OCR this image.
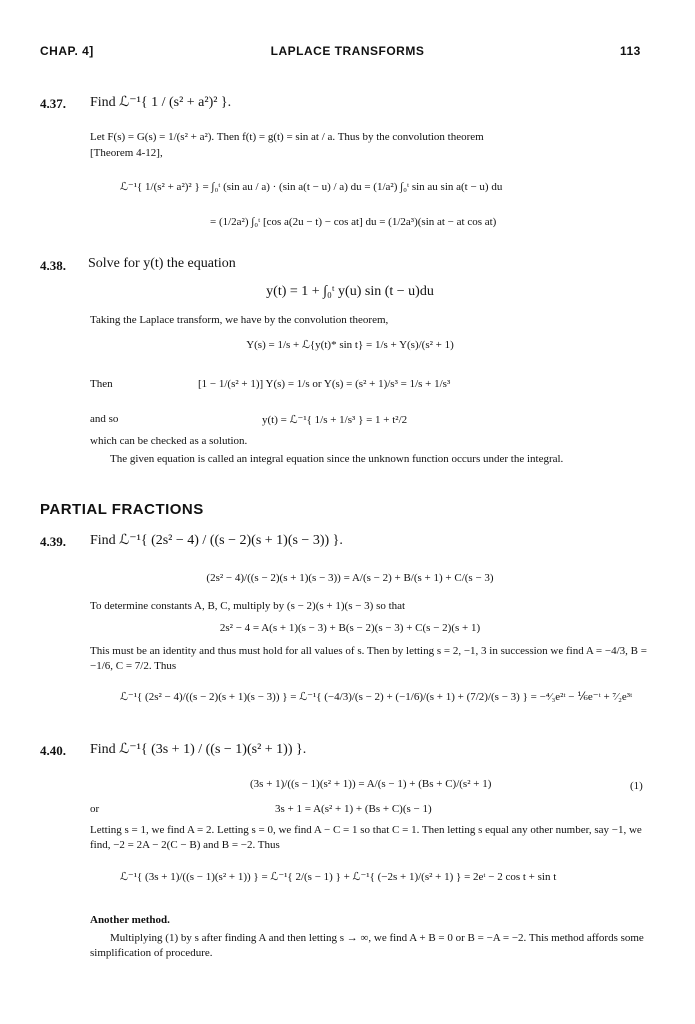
CHAP. 4]	LAPLACE TRANSFORMS	113
4.37. Find ℒ⁻¹{ 1 / (s² + a²)² }.
Let F(s) = G(s) = 1/(s² + a²). Then f(t) = g(t) = sin at / a. Thus by the convolution theorem
[Theorem 4-12],
ℒ⁻¹{ 1/(s² + a²)² } = ∫₀ᵗ (sin au / a) · (sin a(t − u) / a) du = (1/a²) ∫₀ᵗ sin au sin a(t − u) du
= (1/2a²) ∫₀ᵗ [cos a(2u − t) − cos at] du = (1/2a³)(sin at − at cos at)
4.38. Solve for y(t) the equation
y(t) = 1 + ∫₀ᵗ y(u) sin (t − u)du
Taking the Laplace transform, we have by the convolution theorem,
Y(s) = 1/s + ℒ{y(t)* sin t} = 1/s + Y(s)/(s² + 1)
Then	[1 − 1/(s² + 1)] Y(s) = 1/s or Y(s) = (s² + 1)/s³ = 1/s + 1/s³
and so	y(t) = ℒ⁻¹{ 1/s + 1/s³ } = 1 + t²/2
which can be checked as a solution.
The given equation is called an integral equation since the unknown function occurs under the integral.
PARTIAL FRACTIONS
4.39. Find ℒ⁻¹{ (2s² − 4) / ((s − 2)(s + 1)(s − 3)) }.
(2s² − 4)/((s − 2)(s + 1)(s − 3)) = A/(s − 2) + B/(s + 1) + C/(s − 3)
To determine constants A, B, C, multiply by (s − 2)(s + 1)(s − 3) so that
2s² − 4 = A(s + 1)(s − 3) + B(s − 2)(s − 3) + C(s − 2)(s + 1)
This must be an identity and thus must hold for all values of s. Then by letting s = 2, −1, 3 in succession we find A = −4/3, B = −1/6, C = 7/2. Thus
ℒ⁻¹{ (2s² − 4)/((s − 2)(s + 1)(s − 3)) } = ℒ⁻¹{ (−4/3)/(s − 2) + (−1/6)/(s + 1) + (7/2)/(s − 3) } = −⁴⁄₃e²ᵗ − ⅙e⁻ᵗ + ⁷⁄₂e³ᵗ
4.40. Find ℒ⁻¹{ (3s + 1) / ((s − 1)(s² + 1)) }.
(3s + 1)/((s − 1)(s² + 1)) = A/(s − 1) + (Bs + C)/(s² + 1)	(1)
or	3s + 1 = A(s² + 1) + (Bs + C)(s − 1)
Letting s = 1, we find A = 2. Letting s = 0, we find A − C = 1 so that C = 1. Then letting s equal any other number, say −1, we find, −2 = 2A − 2(C − B) and B = −2. Thus
ℒ⁻¹{ (3s + 1)/((s − 1)(s² + 1)) } = ℒ⁻¹{ 2/(s − 1) } + ℒ⁻¹{ (−2s + 1)/(s² + 1) } = 2eᵗ − 2 cos t + sin t
Another method.
Multiplying (1) by s after finding A and then letting s → ∞, we find A + B = 0 or B = −A = −2. This method affords some simplification of procedure.
